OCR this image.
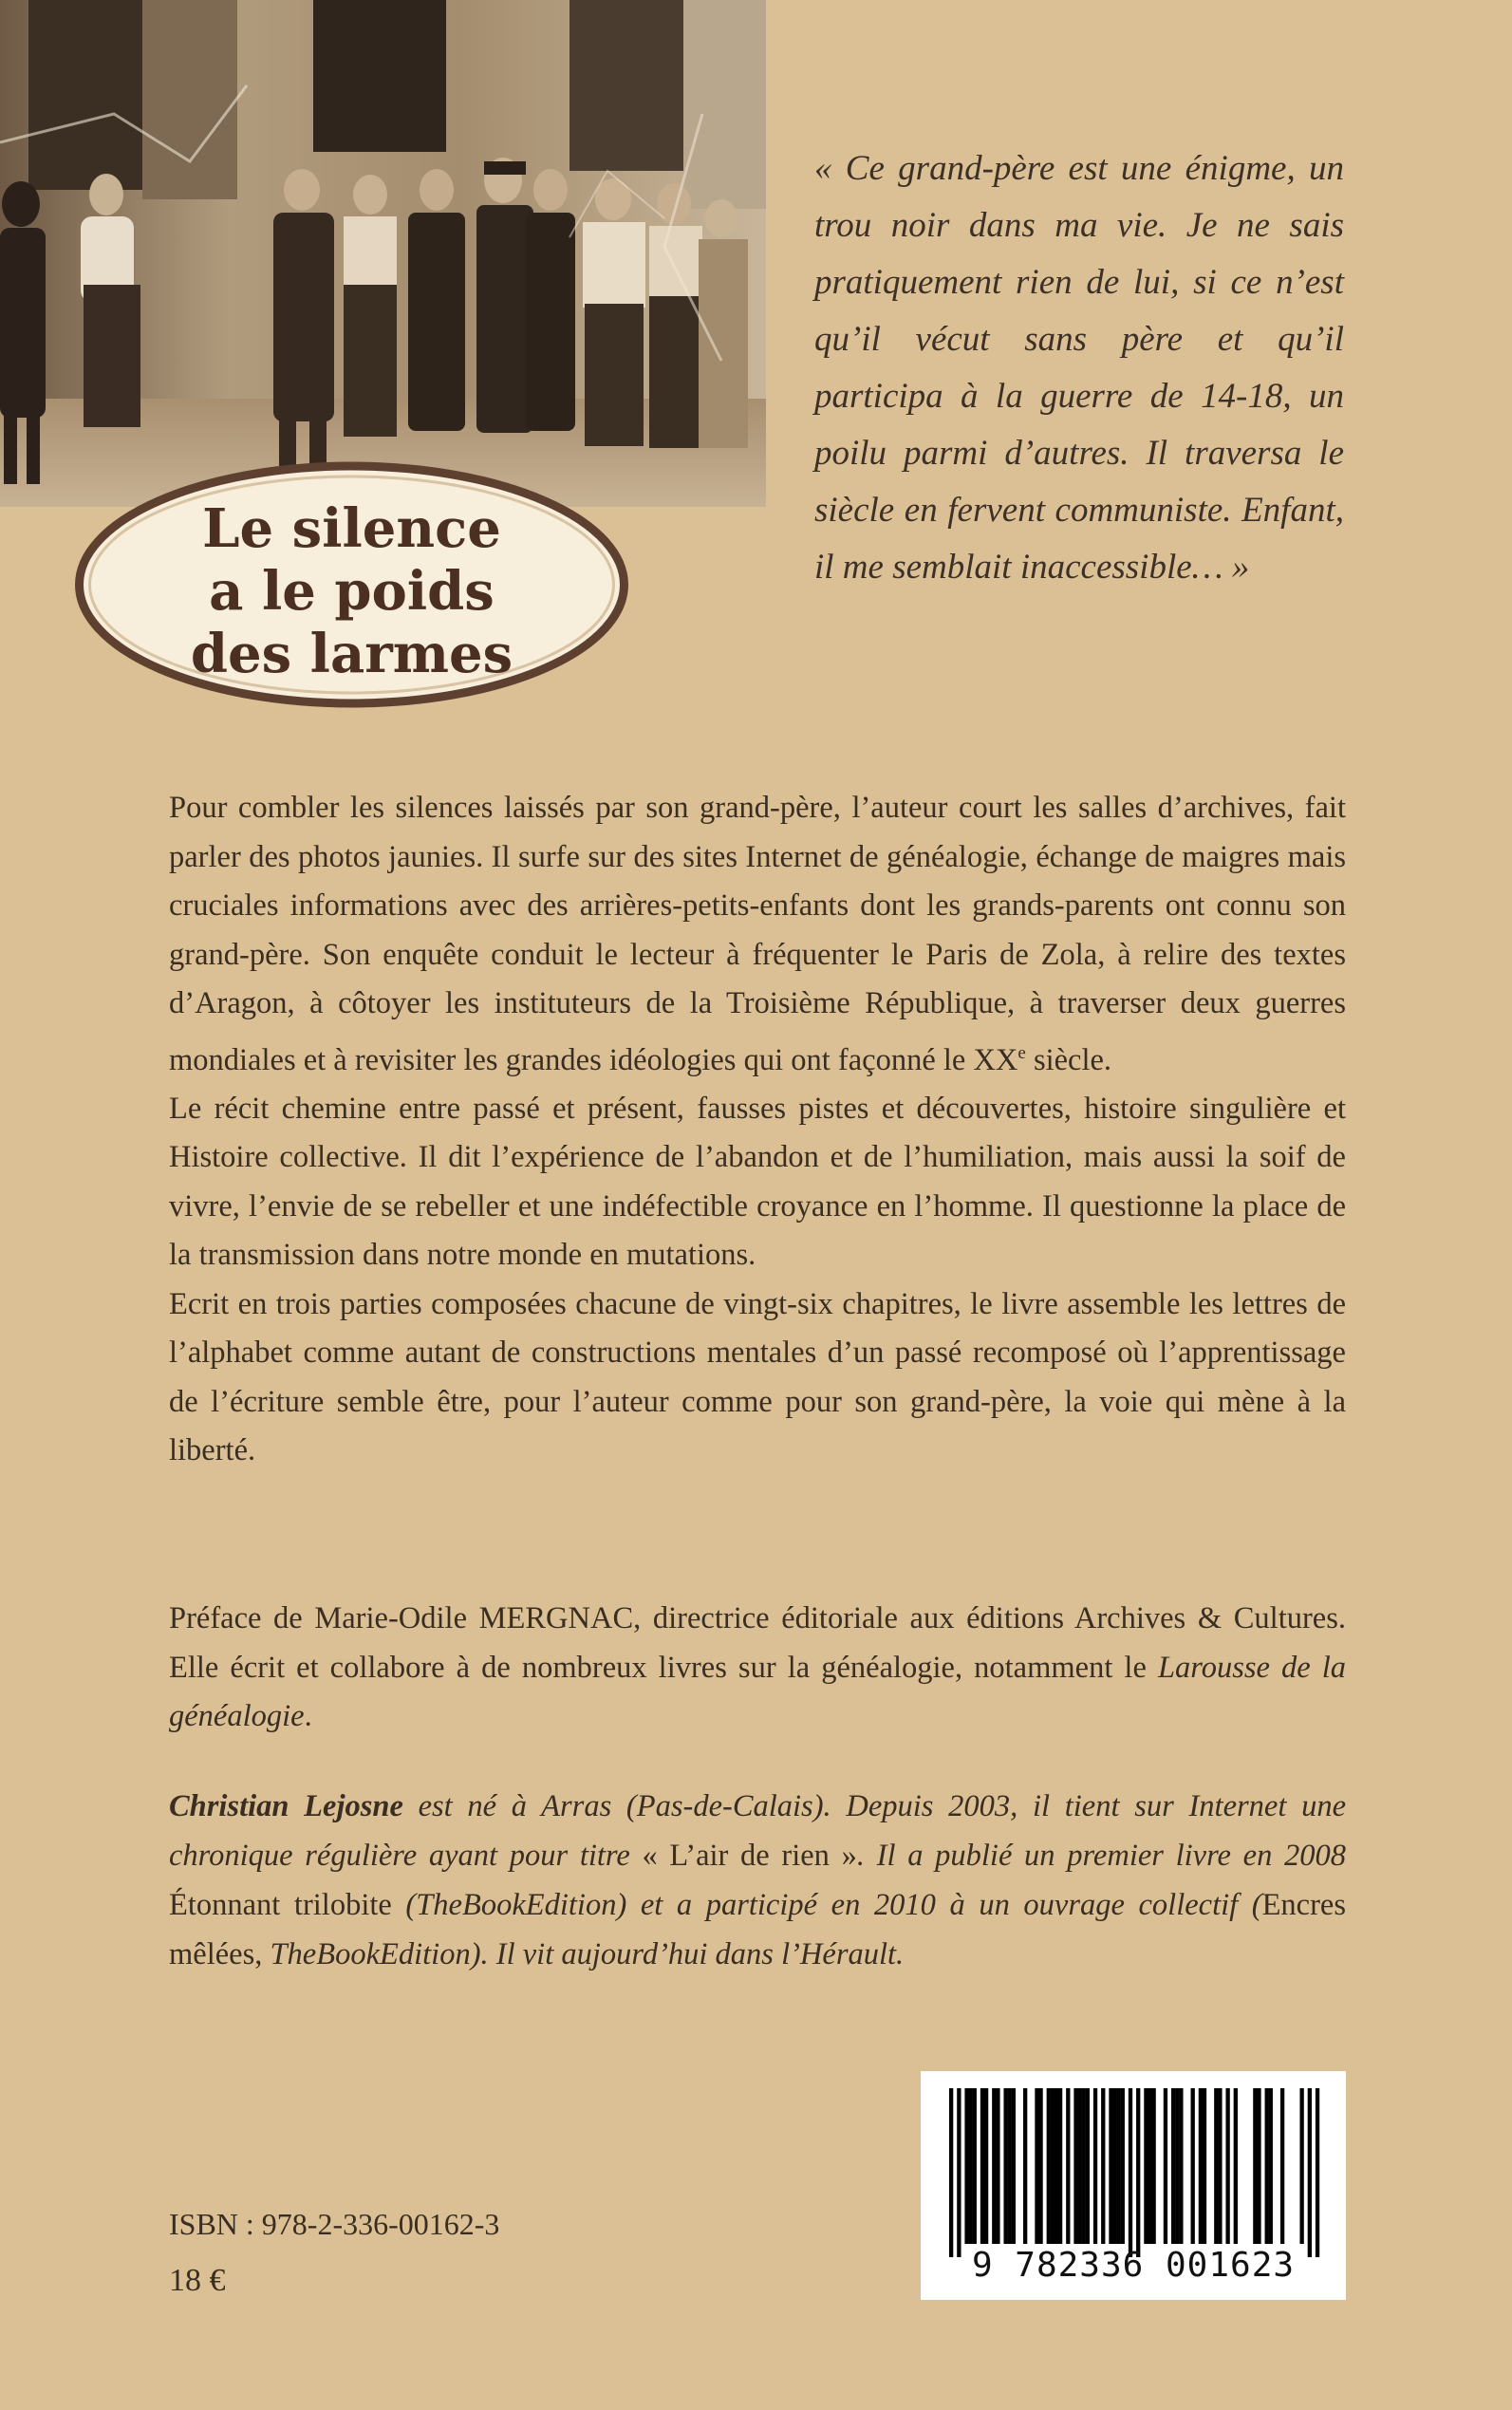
Le silence
a le poids
des larmes
« Ce grand-père est une énigme, un trou noir dans ma vie. Je ne sais pratiquement rien de lui, si ce n’est qu’il vécut sans père et qu’il participa à la guerre de 14-18, un poilu parmi d’autres. Il traversa le siècle en fervent communiste. Enfant, il me semblait inaccessible… »

Pour combler les silences laissés par son grand-père, l’auteur court les salles d’archives, fait parler des photos jaunies. Il surfe sur des sites Internet de généalogie, échange de maigres mais cruciales informations avec des arrières-petits-enfants dont les grands-parents ont connu son grand-père. Son enquête conduit le lecteur à fréquenter le Paris de Zola, à relire des textes d’Aragon, à côtoyer les instituteurs de la Troisième République, à traverser deux guerres mondiales et à revisiter les grandes idéologies qui ont façonné le XXe siècle.

Le récit chemine entre passé et présent, fausses pistes et découvertes, histoire singulière et Histoire collective. Il dit l’expérience de l’abandon et de l’humiliation, mais aussi la soif de vivre, l’envie de se rebeller et une indéfectible croyance en l’homme. Il questionne la place de la transmission dans notre monde en mutations.

Ecrit en trois parties composées chacune de vingt-six chapitres, le livre assemble les lettres de l’alphabet comme autant de constructions mentales d’un passé recomposé où l’apprentissage de l’écriture semble être, pour l’auteur comme pour son grand-père, la voie qui mène à la liberté.

Préface de Marie-Odile MERGNAC, directrice éditoriale aux éditions Archives & Cultures. Elle écrit et collabore à de nombreux livres sur la généalogie, notamment le Larousse de la généalogie.
Christian Lejosne est né à Arras (Pas-de-Calais). Depuis 2003, il tient sur Internet une chronique régulière ayant pour titre « L’air de rien ». Il a publié un premier livre en 2008 Étonnant trilobite (TheBookEdition) et a participé en 2010 à un ouvrage collectif (Encres mêlées, TheBookEdition). Il vit aujourd’hui dans l’Hérault.
9 782336 001623
ISBN : 978-2-336-00162-3
18 €
